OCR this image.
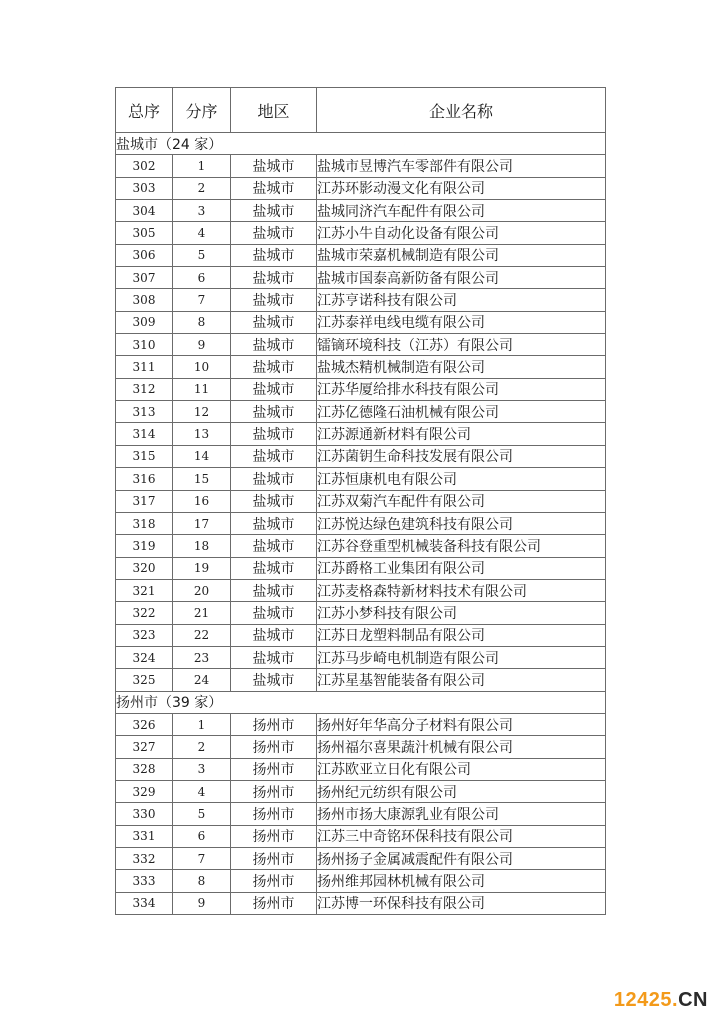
总序	分序	地区	企业名称
盐城市（24 家）			
302	1	盐城市	盐城市昱博汽车零部件有限公司
303	2	盐城市	江苏环影动漫文化有限公司
304	3	盐城市	盐城同济汽车配件有限公司
305	4	盐城市	江苏小牛自动化设备有限公司
306	5	盐城市	盐城市荣嘉机械制造有限公司
307	6	盐城市	盐城市国泰高新防备有限公司
308	7	盐城市	江苏亨诺科技有限公司
309	8	盐城市	江苏泰祥电线电缆有限公司
310	9	盐城市	镭镝环境科技（江苏）有限公司
311	10	盐城市	盐城杰精机械制造有限公司
312	11	盐城市	江苏华厦给排水科技有限公司
313	12	盐城市	江苏亿德隆石油机械有限公司
314	13	盐城市	江苏源通新材料有限公司
315	14	盐城市	江苏菌钥生命科技发展有限公司
316	15	盐城市	江苏恒康机电有限公司
317	16	盐城市	江苏双菊汽车配件有限公司
318	17	盐城市	江苏悦达绿色建筑科技有限公司
319	18	盐城市	江苏谷登重型机械装备科技有限公司
320	19	盐城市	江苏爵格工业集团有限公司
321	20	盐城市	江苏麦格森特新材料技术有限公司
322	21	盐城市	江苏小梦科技有限公司
323	22	盐城市	江苏日龙塑料制品有限公司
324	23	盐城市	江苏马步崎电机制造有限公司
325	24	盐城市	江苏星基智能装备有限公司
扬州市（39 家）			
326	1	扬州市	扬州好年华高分子材料有限公司
327	2	扬州市	扬州福尔喜果蔬汁机械有限公司
328	3	扬州市	江苏欧亚立日化有限公司
329	4	扬州市	扬州纪元纺织有限公司
330	5	扬州市	扬州市扬大康源乳业有限公司
331	6	扬州市	江苏三中奇铭环保科技有限公司
332	7	扬州市	扬州扬子金属减震配件有限公司
333	8	扬州市	扬州维邦园林机械有限公司
334	9	扬州市	江苏博一环保科技有限公司
12425.CN
